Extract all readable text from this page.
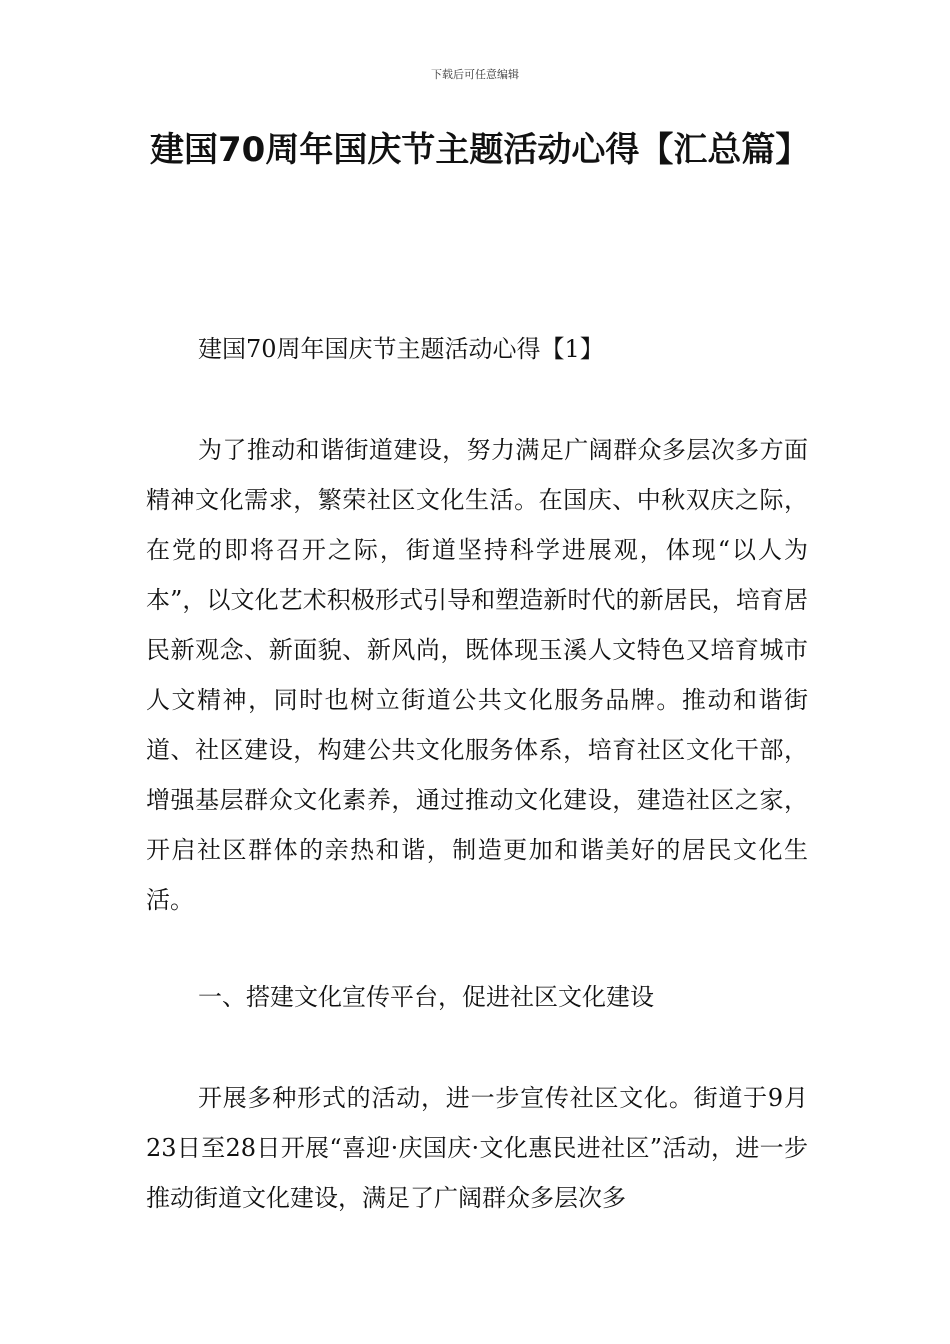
下载后可任意编辑
建国70周年国庆节主题活动心得【汇总篇】

建国70周年国庆节主题活动心得【1】

为了推动和谐街道建设，努力满足广阔群众多层次多方面精神文化需求，繁荣社区文化生活。在国庆、中秋双庆之际，在党的即将召开之际，街道坚持科学进展观，体现“以人为本”，以文化艺术积极形式引导和塑造新时代的新居民，培育居民新观念、新面貌、新风尚，既体现玉溪人文特色又培育城市人文精神，同时也树立街道公共文化服务品牌。推动和谐街道、社区建设，构建公共文化服务体系，培育社区文化干部，增强基层群众文化素养，通过推动文化建设，建造社区之家，开启社区群体的亲热和谐，制造更加和谐美好的居民文化生活。

一、搭建文化宣传平台，促进社区文化建设

开展多种形式的活动，进一步宣传社区文化。街道于9月23日至28日开展“喜迎·庆国庆·文化惠民进社区”活动，进一步推动街道文化建设，满足了广阔群众多层次多
